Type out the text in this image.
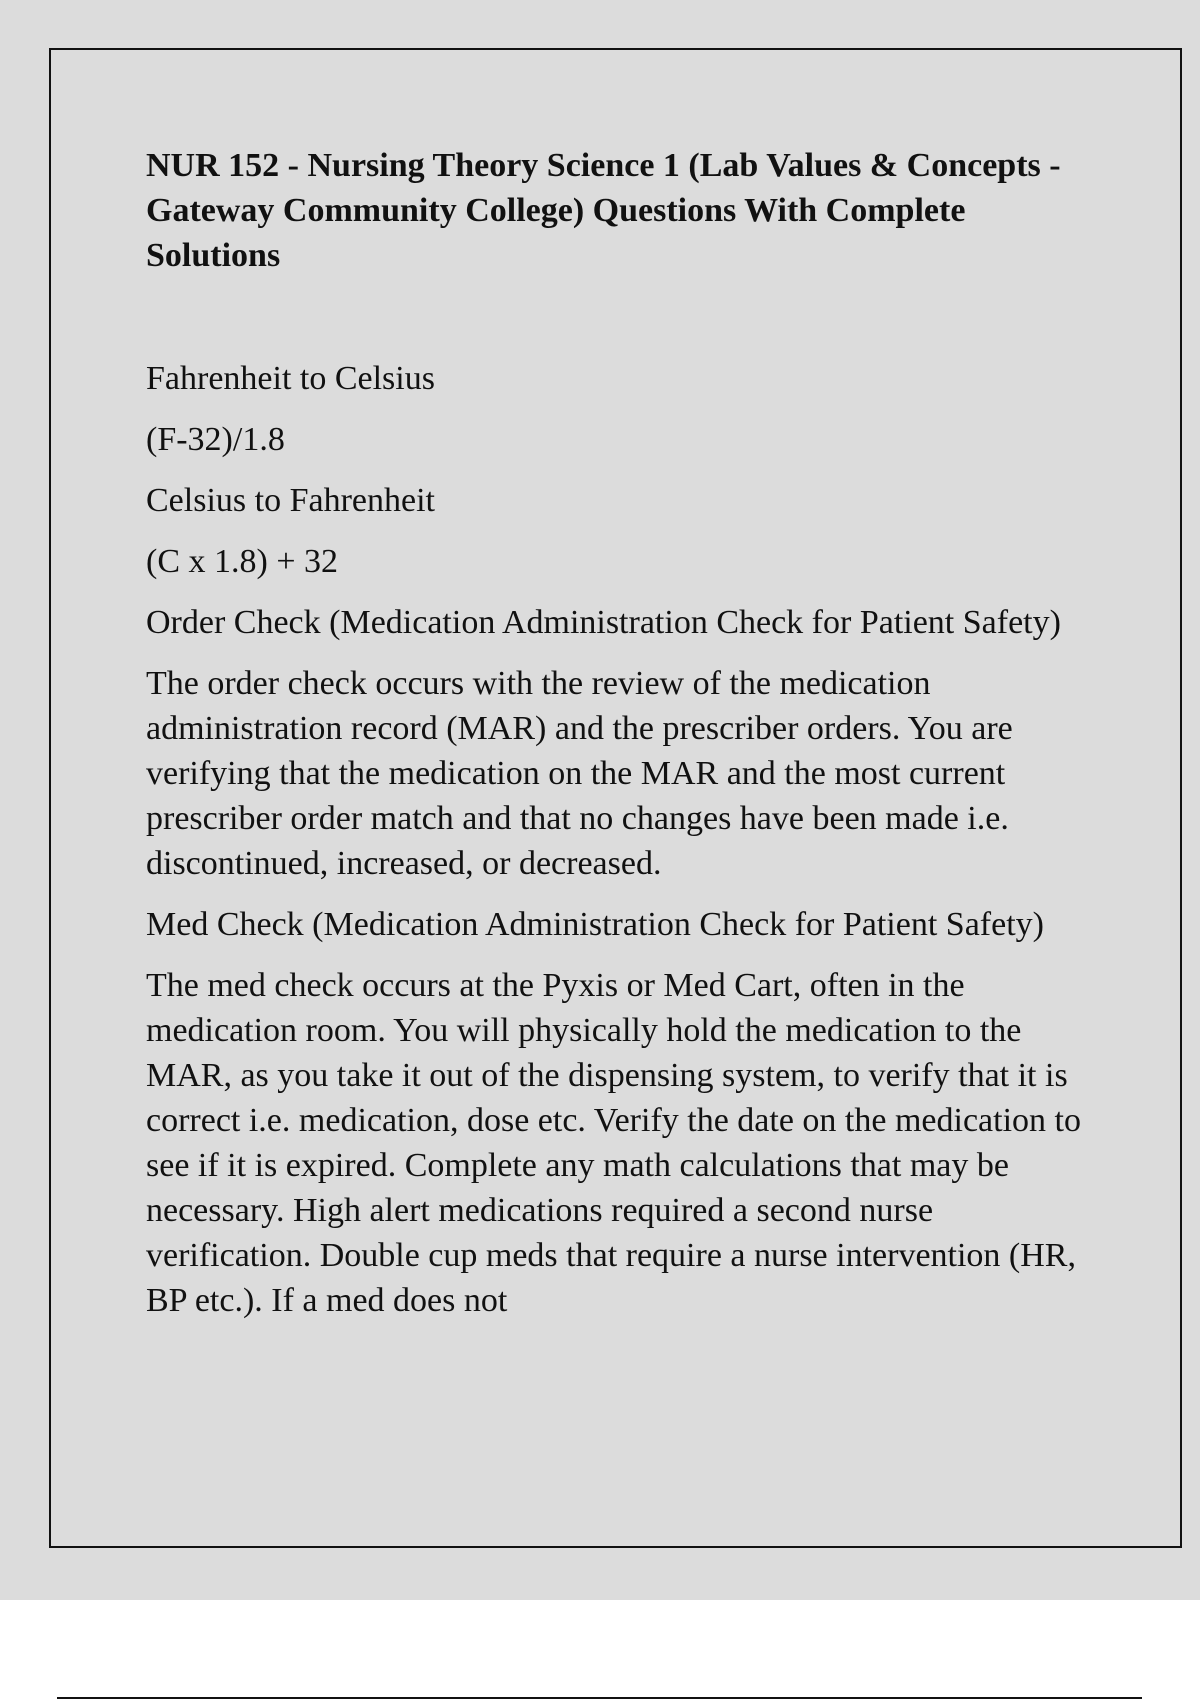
NUR 152 - Nursing Theory Science 1 (Lab Values & Concepts - Gateway Community College) Questions With Complete Solutions

Fahrenheit to Celsius

(F-32)/1.8

Celsius to Fahrenheit

(C x 1.8) + 32

Order Check (Medication Administration Check for Patient Safety)

The order check occurs with the review of the medication administration record (MAR) and the prescriber orders. You are verifying that the medication on the MAR and the most current prescriber order match and that no changes have been made i.e. discontinued, increased, or decreased.

Med Check (Medication Administration Check for Patient Safety)

The med check occurs at the Pyxis or Med Cart, often in the medication room. You will physically hold the medication to the MAR, as you take it out of the dispensing system, to verify that it is correct i.e. medication, dose etc. Verify the date on the medication to see if it is expired. Complete any math calculations that may be necessary. High alert medications required a second nurse verification. Double cup meds that require a nurse intervention (HR, BP etc.). If a med does not
